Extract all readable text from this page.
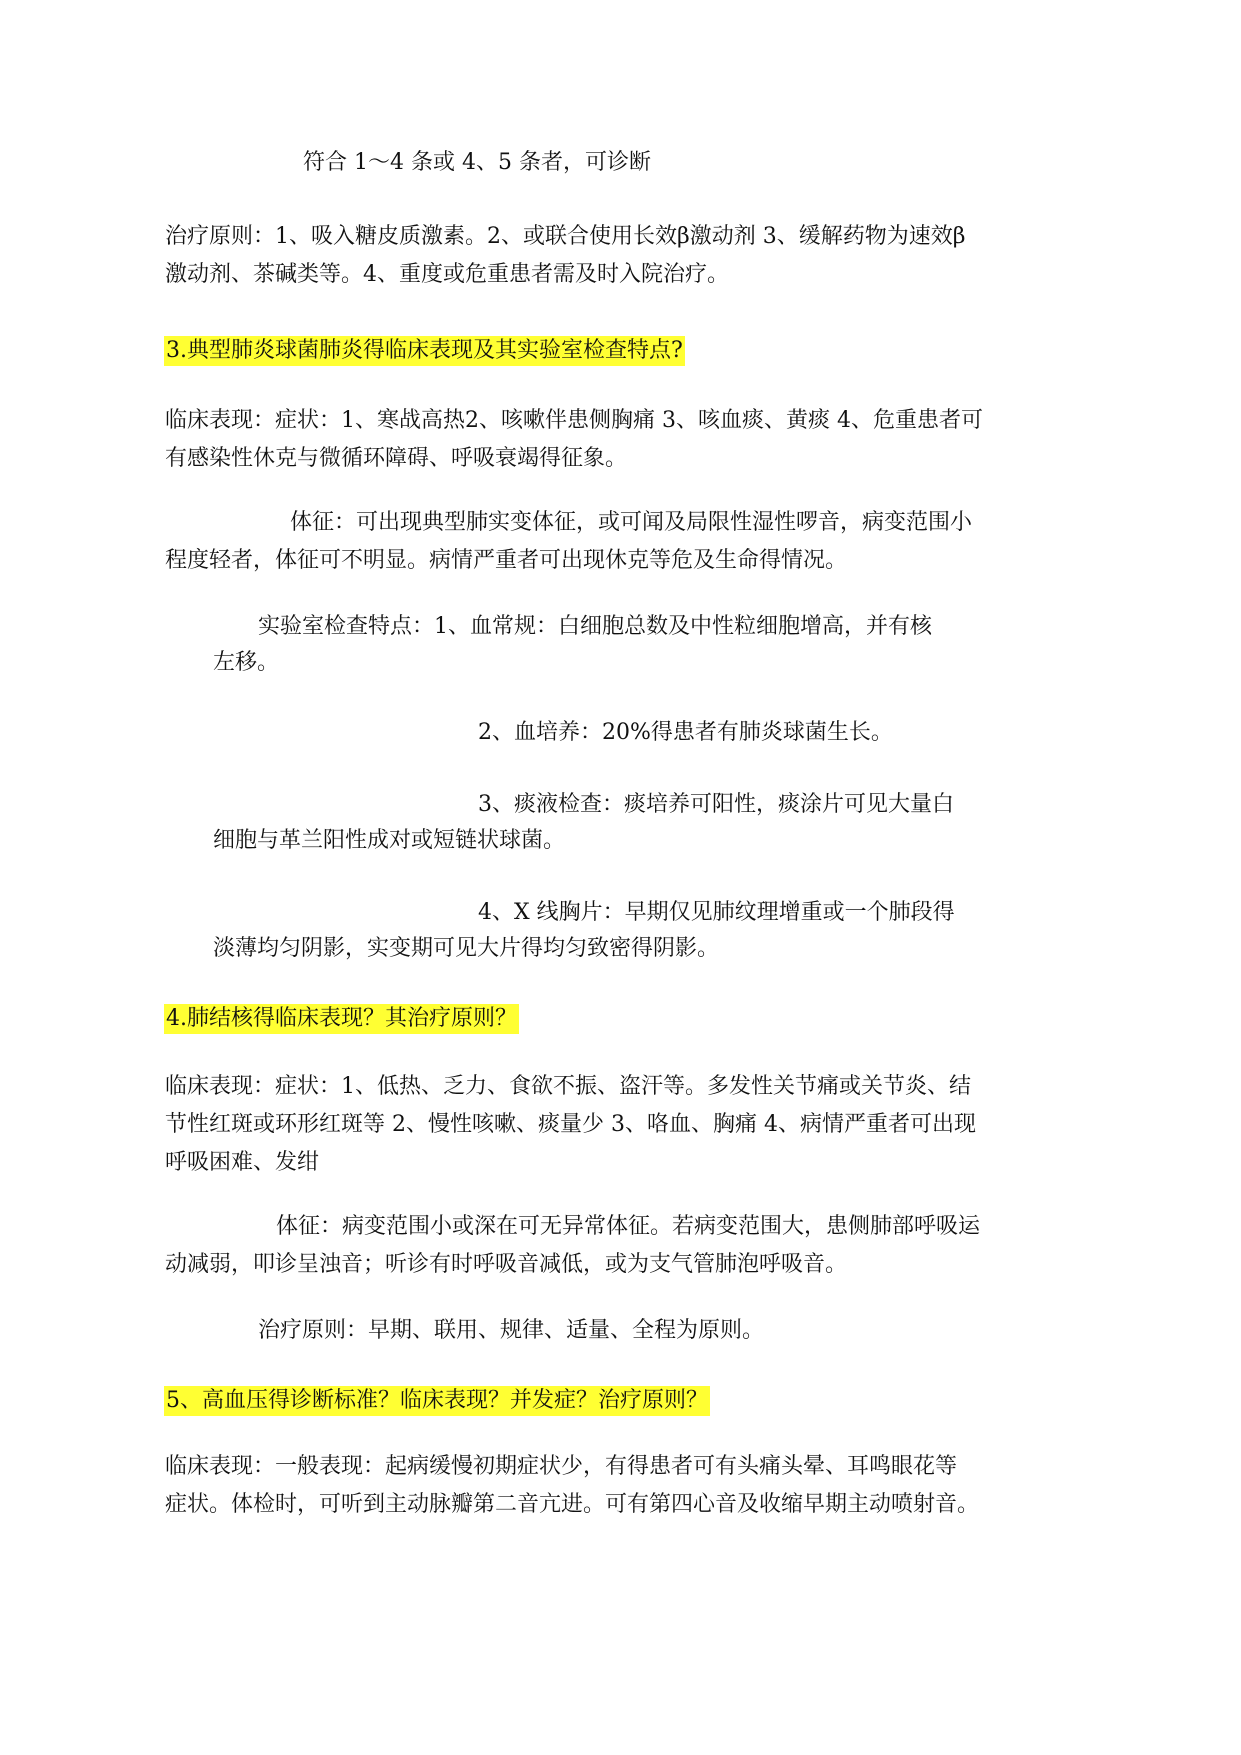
符合 1～4 条或 4、5 条者，可诊断
治疗原则：1、吸入糖皮质激素。2、或联合使用长效β激动剂 3、缓解药物为速效β
激动剂、茶碱类等。4、重度或危重患者需及时入院治疗。
3.典型肺炎球菌肺炎得临床表现及其实验室检查特点?
临床表现：症状：1、寒战高热2、咳嗽伴患侧胸痛 3、咳血痰、黄痰 4、危重患者可
有感染性休克与微循环障碍、呼吸衰竭得征象。
体征：可出现典型肺实变体征，或可闻及局限性湿性啰音，病变范围小
程度轻者，体征可不明显。病情严重者可出现休克等危及生命得情况。
实验室检查特点：1、血常规：白细胞总数及中性粒细胞增高，并有核
左移。
2、血培养：20%得患者有肺炎球菌生长。
3、痰液检查：痰培养可阳性，痰涂片可见大量白
细胞与革兰阳性成对或短链状球菌。
4、X 线胸片：早期仅见肺纹理增重或一个肺段得
淡薄均匀阴影，实变期可见大片得均匀致密得阴影。
4.肺结核得临床表现？其治疗原则？
临床表现：症状：1、低热、乏力、食欲不振、盗汗等。多发性关节痛或关节炎、结
节性红斑或环形红斑等 2、慢性咳嗽、痰量少 3、咯血、胸痛 4、病情严重者可出现
呼吸困难、发绀
体征：病变范围小或深在可无异常体征。若病变范围大，患侧肺部呼吸运
动减弱，叩诊呈浊音；听诊有时呼吸音减低，或为支气管肺泡呼吸音。
治疗原则：早期、联用、规律、适量、全程为原则。
5、高血压得诊断标准？临床表现？并发症？治疗原则？
临床表现：一般表现：起病缓慢初期症状少，有得患者可有头痛头晕、耳鸣眼花等
症状。体检时，可听到主动脉瓣第二音亢进。可有第四心音及收缩早期主动喷射音。
